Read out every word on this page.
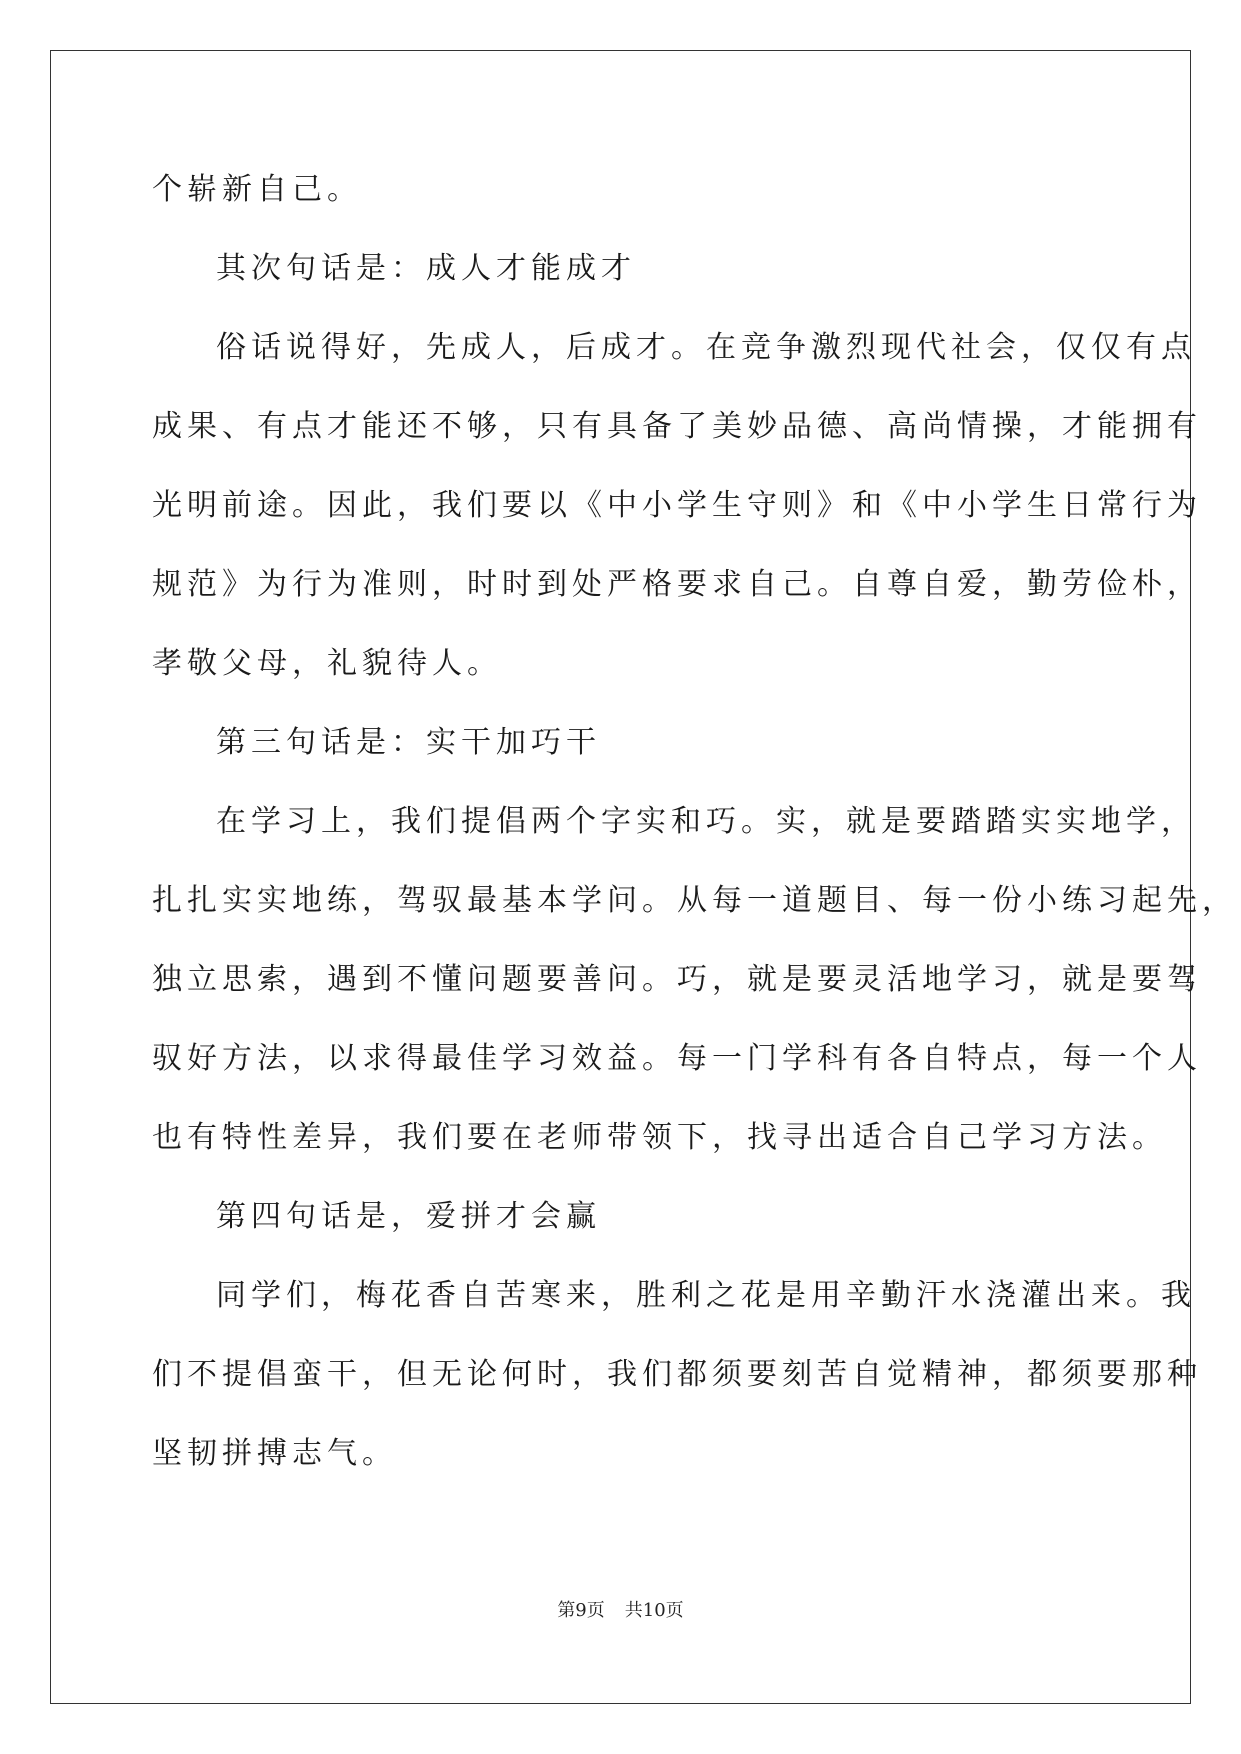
个崭新自己。
其次句话是：成人才能成才
俗话说得好，先成人，后成才。在竞争激烈现代社会，仅仅有点
成果、有点才能还不够，只有具备了美妙品德、高尚情操，才能拥有
光明前途。因此，我们要以《中小学生守则》和《中小学生日常行为
规范》为行为准则，时时到处严格要求自己。自尊自爱，勤劳俭朴，
孝敬父母，礼貌待人。
第三句话是：实干加巧干
在学习上，我们提倡两个字实和巧。实，就是要踏踏实实地学，
扎扎实实地练，驾驭最基本学问。从每一道题目、每一份小练习起先，
独立思索，遇到不懂问题要善问。巧，就是要灵活地学习，就是要驾
驭好方法，以求得最佳学习效益。每一门学科有各自特点，每一个人
也有特性差异，我们要在老师带领下，找寻出适合自己学习方法。
第四句话是，爱拼才会赢
同学们，梅花香自苦寒来，胜利之花是用辛勤汗水浇灌出来。我
们不提倡蛮干，但无论何时，我们都须要刻苦自觉精神，都须要那种
坚韧拼搏志气。
第9页 共10页
